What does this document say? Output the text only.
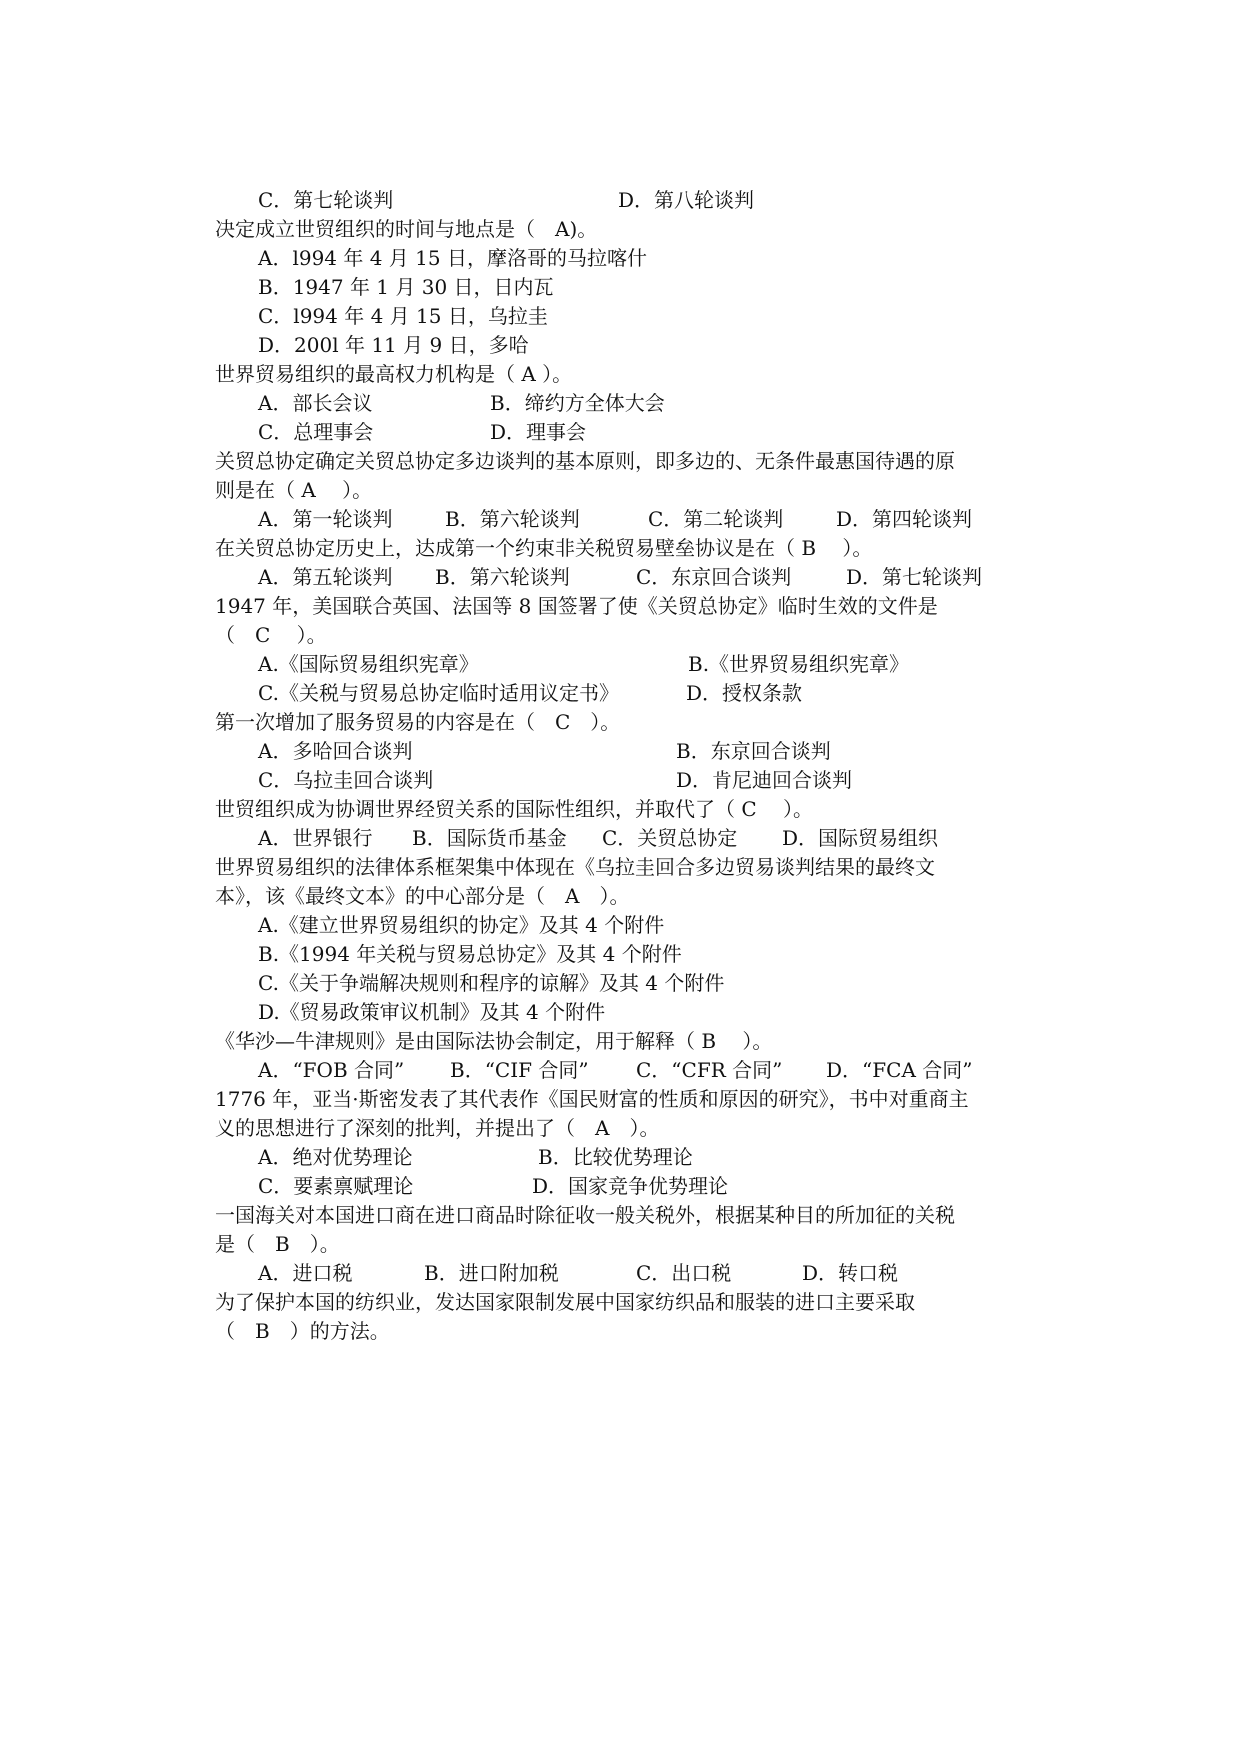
C．第七轮谈判	D．第八轮谈判
决定成立世贸组织的时间与地点是（　A)。
A．l994 年 4 月 15 日，摩洛哥的马拉喀什
B．1947 年 1 月 30 日，日内瓦
C．l994 年 4 月 15 日，乌拉圭
D．200l 年 11 月 9 日，多哈
世界贸易组织的最高权力机构是（ A ）。
A．部长会议	B．缔约方全体大会
C．总理事会	D．理事会
关贸总协定确定关贸总协定多边谈判的基本原则，即多边的、无条件最惠国待遇的原
则是在（ A　 ）。
A．第一轮谈判	B．第六轮谈判	C．第二轮谈判	D．第四轮谈判
在关贸总协定历史上，达成第一个约束非关税贸易壁垒协议是在（ B　 ）。
A．第五轮谈判 B．第六轮谈判	C．东京回合谈判	D．第七轮谈判
1947 年，美国联合英国、法国等 8 国签署了使《关贸总协定》临时生效的文件是
（　C　 ）。
A.《国际贸易组织宪章》	B.《世界贸易组织宪章》
C.《关税与贸易总协定临时适用议定书》	D．授权条款
第一次增加了服务贸易的内容是在（　C　）。
A．多哈回合谈判	B．东京回合谈判
C．乌拉圭回合谈判	D．肯尼迪回合谈判
世贸组织成为协调世界经贸关系的国际性组织，并取代了（ C　 ）。
A．世界银行 B．国际货币基金 C．关贸总协定 D．国际贸易组织
世界贸易组织的法律体系框架集中体现在《乌拉圭回合多边贸易谈判结果的最终文
本》，该《最终文本》的中心部分是（　A　）。
A.《建立世界贸易组织的协定》及其 4 个附件
B.《1994 年关税与贸易总协定》及其 4 个附件
C.《关于争端解决规则和程序的谅解》及其 4 个附件
D.《贸易政策审议机制》及其 4 个附件
《华沙—牛津规则》是由国际法协会制定，用于解释（ B　 ）。
A．“FOB 合同” B．“CIF 合同” C．“CFR 合同” D．“FCA 合同”
1776 年，亚当·斯密发表了其代表作《国民财富的性质和原因的研究》，书中对重商主
义的思想进行了深刻的批判，并提出了（　A　）。
A．绝对优势理论	B．比较优势理论
C．要素禀赋理论	D．国家竞争优势理论
一国海关对本国进口商在进口商品时除征收一般关税外，根据某种目的所加征的关税
是（　B　）。
A．进口税	B．进口附加税	C．出口税	D．转口税
为了保护本国的纺织业，发达国家限制发展中国家纺织品和服装的进口主要采取
（　B　）的方法。
